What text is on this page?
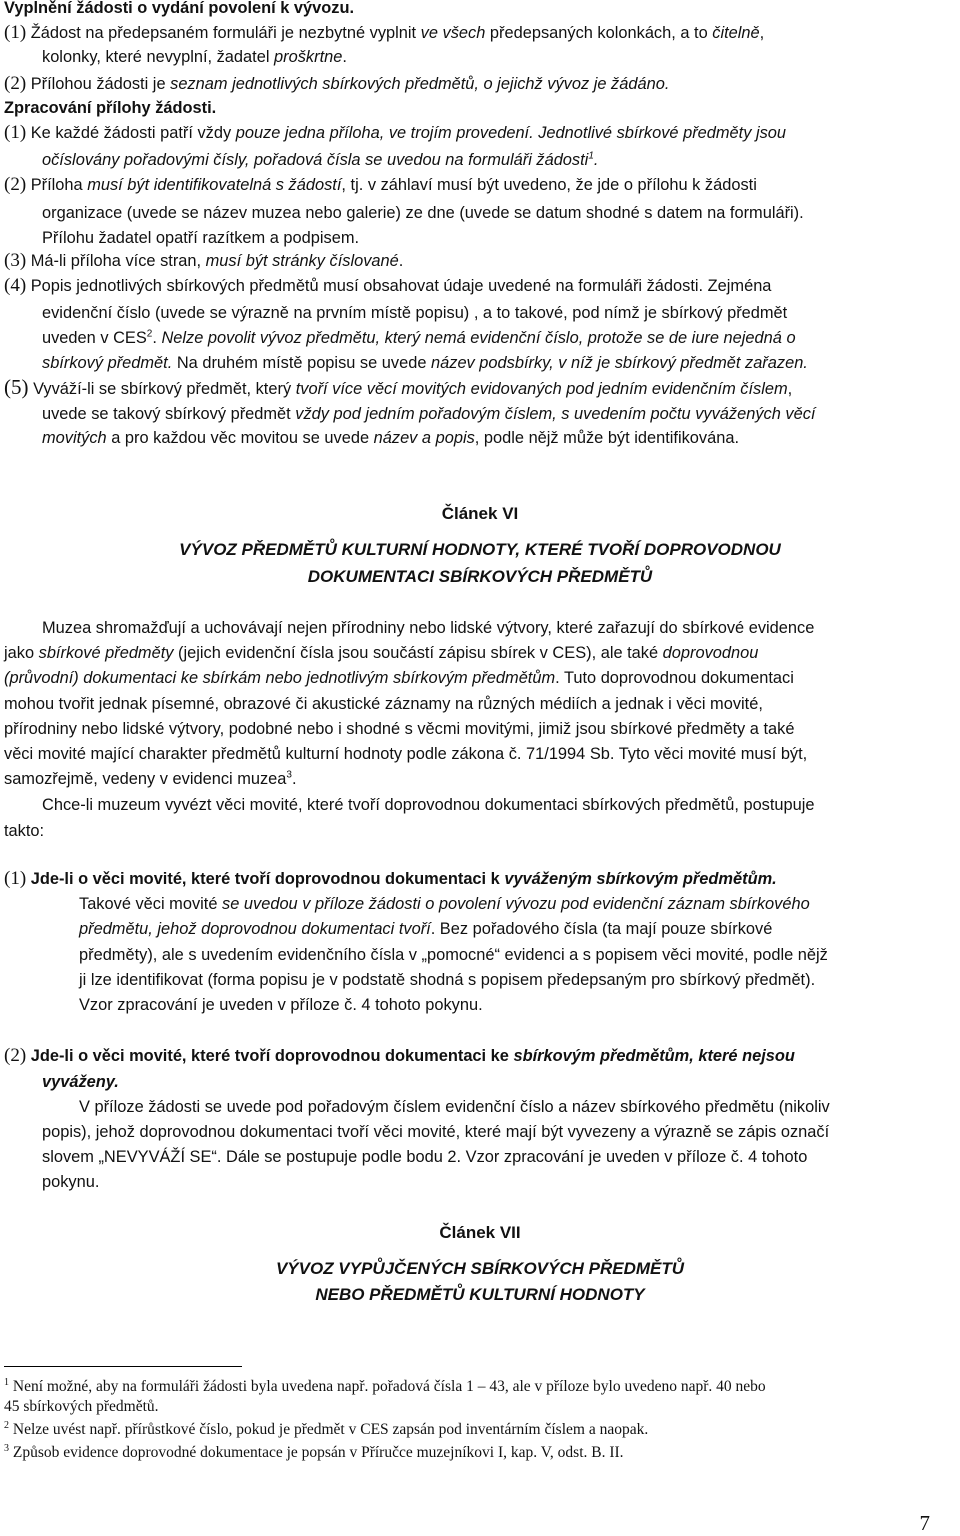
Vyplnění žádosti o vydání povolení k vývozu.
(1) Žádost na předepsaném formuláři je nezbytné vyplnit ve všech předepsaných kolonkách, a to čitelně,
kolonky, které nevyplní, žadatel proškrtne.
(2) Přílohou žádosti je seznam jednotlivých sbírkových předmětů, o jejichž vývoz je žádáno.
Zpracování přílohy žádosti.
(1) Ke každé žádosti patří vždy pouze jedna příloha, ve trojím provedení. Jednotlivé sbírkové předměty jsou
očíslovány pořadovými čísly, pořadová čísla se uvedou na formuláři žádosti$^1$.
(2) Příloha musí být identifikovatelná s žádostí, tj. v záhlaví musí být uvedeno, že jde o přílohu k žádosti
organizace (uvede se název muzea nebo galerie) ze dne (uvede se datum shodné s datem na formuláři).
Přílohu žadatel opatří razítkem a podpisem.
(3) Má-li příloha více stran, musí být stránky číslované.
(4) Popis jednotlivých sbírkových předmětů musí obsahovat údaje uvedené na formuláři žádosti. Zejména
evidenční číslo (uvede se výrazně na prvním místě popisu) , a to takové, pod nímž je sbírkový předmět
uveden v CES$^2$. Nelze povolit vývoz předmětu, který nemá evidenční číslo, protože se de iure nejedná o
sbírkový předmět. Na druhém místě popisu se uvede název podsbírky, v níž je sbírkový předmět zařazen.
(5) Vyváží-li se sbírkový předmět, který tvoří více věcí movitých evidovaných pod jedním evidenčním číslem,
uvede se takový sbírkový předmět vždy pod jedním pořadovým číslem, s uvedením počtu vyvážených věcí
movitých a pro každou věc movitou se uvede název a popis, podle nějž může být identifikována.
Článek VI
VÝVOZ PŘEDMĚTŮ KULTURNÍ HODNOTY, KTERÉ TVOŘÍ DOPROVODNOU
DOKUMENTACI SBÍRKOVÝCH PŘEDMĚTŮ
Muzea shromažďují a uchovávají nejen přírodniny nebo lidské výtvory, které zařazují do sbírkové evidence
jako sbírkové předměty (jejich evidenční čísla jsou součástí zápisu sbírek v CES), ale také doprovodnou
(průvodní) dokumentaci ke sbírkám nebo jednotlivým sbírkovým předmětům. Tuto doprovodnou dokumentaci
mohou tvořit jednak písemné, obrazové či akustické záznamy na různých médiích a jednak i věci movité,
přírodniny nebo lidské výtvory, podobné nebo i shodné s věcmi movitými, jimiž jsou sbírkové předměty a také
věci movité mající charakter předmětů kulturní hodnoty podle zákona č. 71/1994 Sb. Tyto věci movité musí být,
samozřejmě, vedeny v evidenci muzea$^3$.
Chce-li muzeum vyvézt věci movité, které tvoří doprovodnou dokumentaci sbírkových předmětů, postupuje
takto:
(1) Jde-li o věci movité, které tvoří doprovodnou dokumentaci k vyváženým sbírkovým předmětům.
Takové věci movité se uvedou v příloze žádosti o povolení vývozu pod evidenční záznam sbírkového
předmětu, jehož doprovodnou dokumentaci tvoří. Bez pořadového čísla (ta mají pouze sbírkové
předměty), ale s uvedením evidenčního čísla v „pomocné“ evidenci a s popisem věci movité, podle nějž
ji lze identifikovat (forma popisu je v podstatě shodná s popisem předepsaným pro sbírkový předmět).
Vzor zpracování je uveden v příloze č. 4 tohoto pokynu.
(2) Jde-li o věci movité, které tvoří doprovodnou dokumentaci ke sbírkovým předmětům, které nejsou
vyváženy.
V příloze žádosti se uvede pod pořadovým číslem evidenční číslo a název sbírkového předmětu (nikoliv
popis), jehož doprovodnou dokumentaci tvoří věci movité, které mají být vyvezeny a výrazně se zápis označí
slovem „NEVYVÁŽÍ SE“. Dále se postupuje podle bodu 2. Vzor zpracování je uveden v příloze č. 4 tohoto
pokynu.
Článek VII
VÝVOZ VYPŮJČENÝCH SBÍRKOVÝCH PŘEDMĚTŮ
NEBO PŘEDMĚTŮ KULTURNÍ HODNOTY
$^1$ Není možné, aby na formuláři žádosti byla uvedena např. pořadová čísla 1 – 43, ale v příloze bylo uvedeno např. 40 nebo
45 sbírkových předmětů.
$^2$ Nelze uvést např. přírůstkové číslo, pokud je předmět v CES zapsán pod inventárním číslem a naopak.
$^3$ Způsob evidence doprovodné dokumentace je popsán v Příručce muzejníkovi I, kap. V, odst. B. II.
7
